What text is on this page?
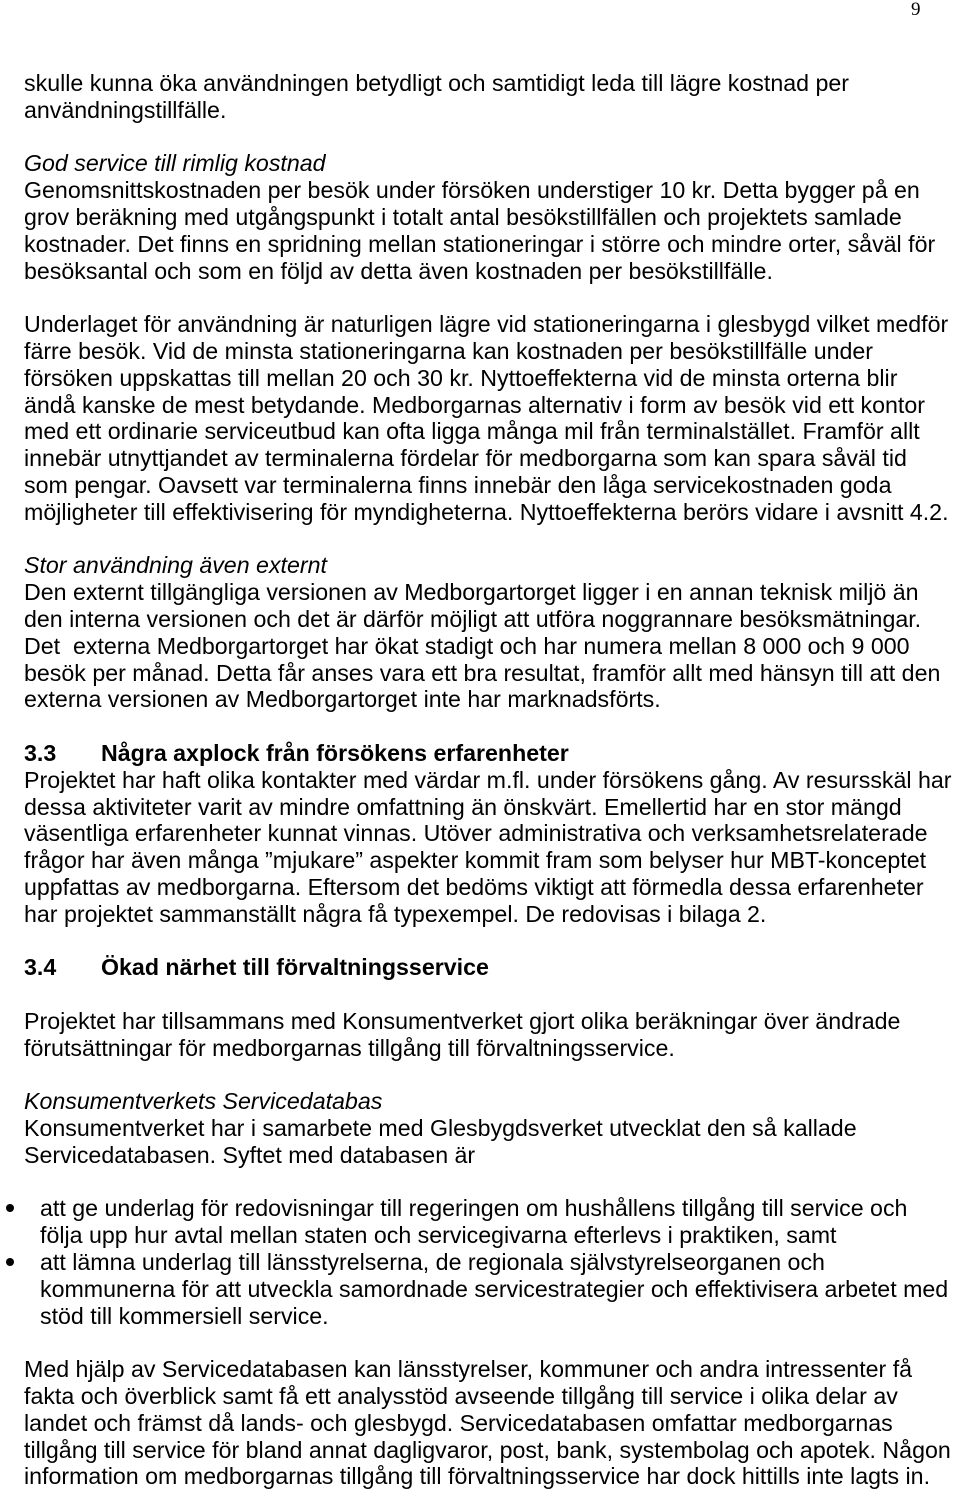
9
skulle kunna öka användningen betydligt och samtidigt leda till lägre kostnad per
användningstillfälle.
God service till rimlig kostnad
Genomsnittskostnaden per besök under försöken understiger 10 kr. Detta bygger på en
grov beräkning med utgångspunkt i totalt antal besökstillfällen och projektets samlade
kostnader. Det finns en spridning mellan stationeringar i större och mindre orter, såväl för
besöksantal och som en följd av detta även kostnaden per besökstillfälle.
Underlaget för användning är naturligen lägre vid stationeringarna i glesbygd vilket medför
färre besök. Vid de minsta stationeringarna kan kostnaden per besökstillfälle under
försöken uppskattas till mellan 20 och 30 kr. Nyttoeffekterna vid de minsta orterna blir
ändå kanske de mest betydande. Medborgarnas alternativ i form av besök vid ett kontor
med ett ordinarie serviceutbud kan ofta ligga många mil från terminalstället. Framför allt
innebär utnyttjandet av terminalerna fördelar för medborgarna som kan spara såväl tid
som pengar. Oavsett var terminalerna finns innebär den låga servicekostnaden goda
möjligheter till effektivisering för myndigheterna. Nyttoeffekterna berörs vidare i avsnitt 4.2.
Stor användning även externt
Den externt tillgängliga versionen av Medborgartorget ligger i en annan teknisk miljö än
den interna versionen och det är därför möjligt att utföra noggrannare besöksmätningar.
Det  externa Medborgartorget har ökat stadigt och har numera mellan 8 000 och 9 000
besök per månad. Detta får anses vara ett bra resultat, framför allt med hänsyn till att den
externa versionen av Medborgartorget inte har marknadsförts.
3.3 Några axplock från försökens erfarenheter
Projektet har haft olika kontakter med värdar m.fl. under försökens gång. Av resursskäl har
dessa aktiviteter varit av mindre omfattning än önskvärt. Emellertid har en stor mängd
väsentliga erfarenheter kunnat vinnas. Utöver administrativa och verksamhetsrelaterade
frågor har även många ”mjukare” aspekter kommit fram som belyser hur MBT-konceptet
uppfattas av medborgarna. Eftersom det bedöms viktigt att förmedla dessa erfarenheter
har projektet sammanställt några få typexempel. De redovisas i bilaga 2.
3.4 Ökad närhet till förvaltningsservice
Projektet har tillsammans med Konsumentverket gjort olika beräkningar över ändrade
förutsättningar för medborgarnas tillgång till förvaltningsservice.
Konsumentverkets Servicedatabas
Konsumentverket har i samarbete med Glesbygdsverket utvecklat den så kallade
Servicedatabasen. Syftet med databasen är
att ge underlag för redovisningar till regeringen om hushållens tillgång till service och
följa upp hur avtal mellan staten och servicegivarna efterlevs i praktiken, samt
att lämna underlag till länsstyrelserna, de regionala självstyrelseorganen och
kommunerna för att utveckla samordnade servicestrategier och effektivisera arbetet med
stöd till kommersiell service.
Med hjälp av Servicedatabasen kan länsstyrelser, kommuner och andra intressenter få
fakta och överblick samt få ett analysstöd avseende tillgång till service i olika delar av
landet och främst då lands- och glesbygd. Servicedatabasen omfattar medborgarnas
tillgång till service för bland annat dagligvaror, post, bank, systembolag och apotek. Någon
information om medborgarnas tillgång till förvaltningsservice har dock hittills inte lagts in.
